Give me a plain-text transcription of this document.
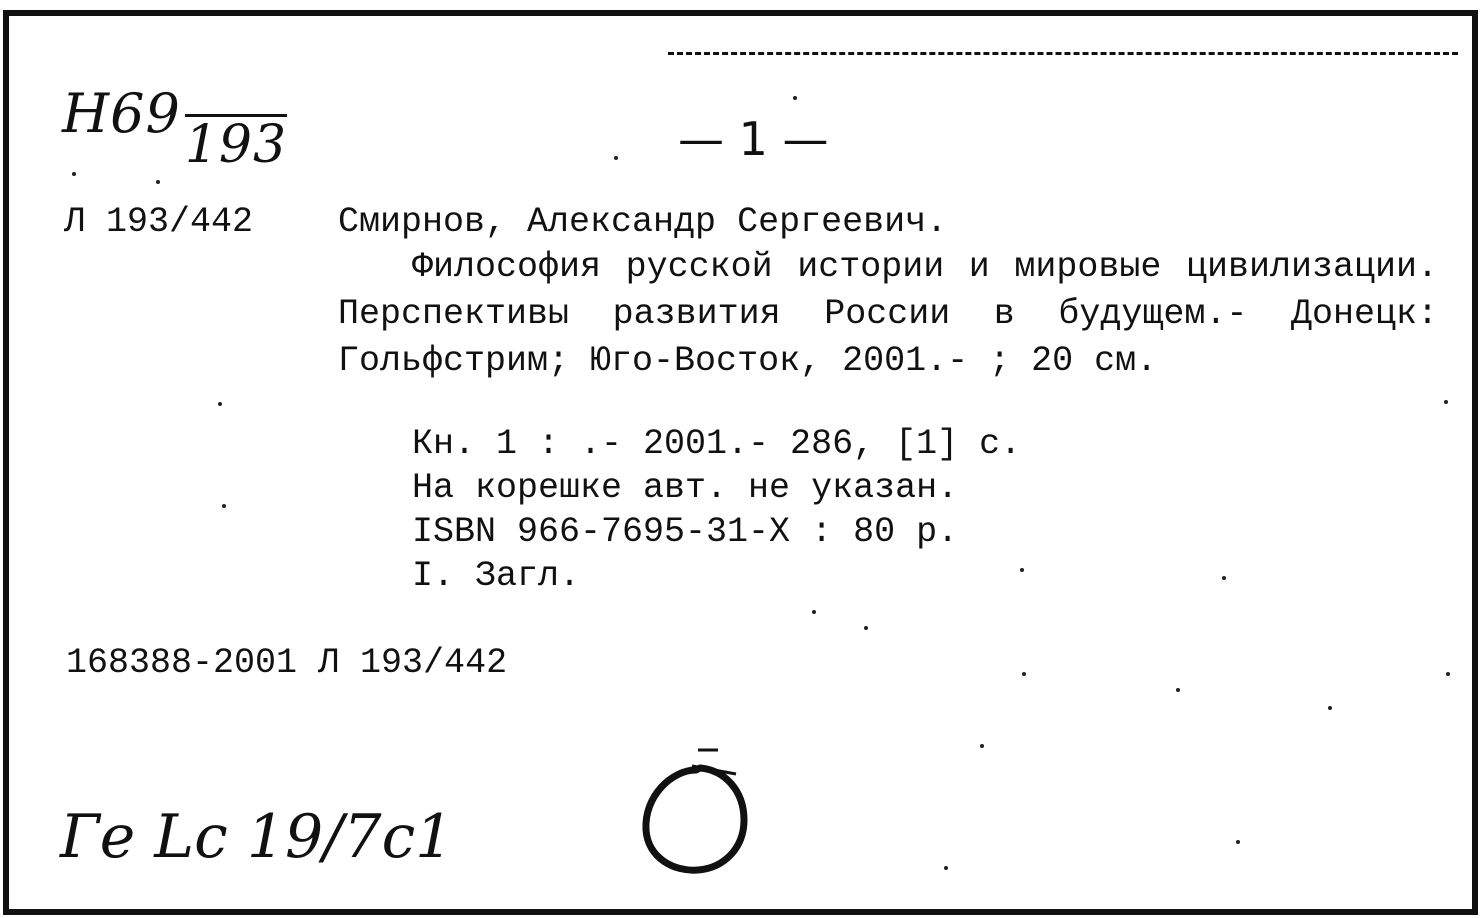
Н69193	— 1 —
Л 193/442 Смирнов, Александр Сергеевич.
Философия русской истории и мировые цивилизации. Перспективы развития России в будущем.- Донецк: Гольфстрим; Юго-Восток, 2001.- ; 20 см.
Кн. 1 : .- 2001.- 286, [1] с.
На корешке авт. не указан.
ISBN 966-7695-31-X : 80 р.
I. Загл.
168388-2001 Л 193/442
Ге Lc 19/7с1
